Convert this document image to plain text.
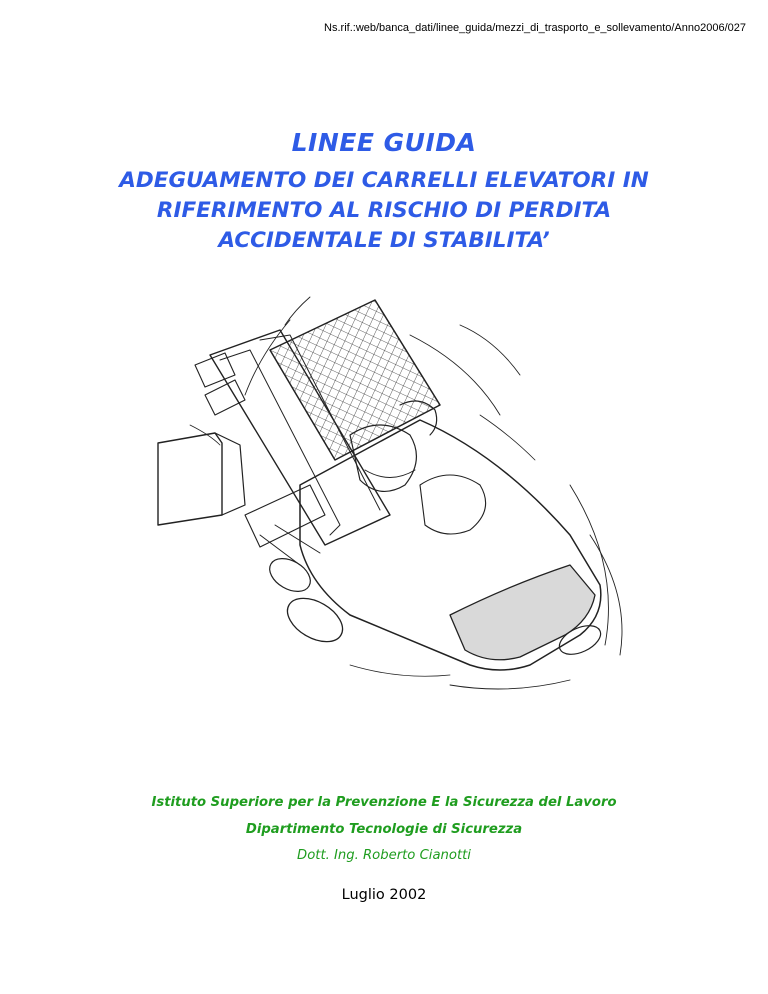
Ns.rif.:web/banca_dati/linee_guida/mezzi_di_trasporto_e_sollevamento/Anno2006/027
LINEE GUIDA
ADEGUAMENTO DEI CARRELLI ELEVATORI IN
RIFERIMENTO AL RISCHIO DI PERDITA
ACCIDENTALE DI STABILITA’
Istituto Superiore per la Prevenzione E la Sicurezza del Lavoro
Dipartimento Tecnologie di Sicurezza
Dott. Ing. Roberto Cianotti
Luglio 2002
